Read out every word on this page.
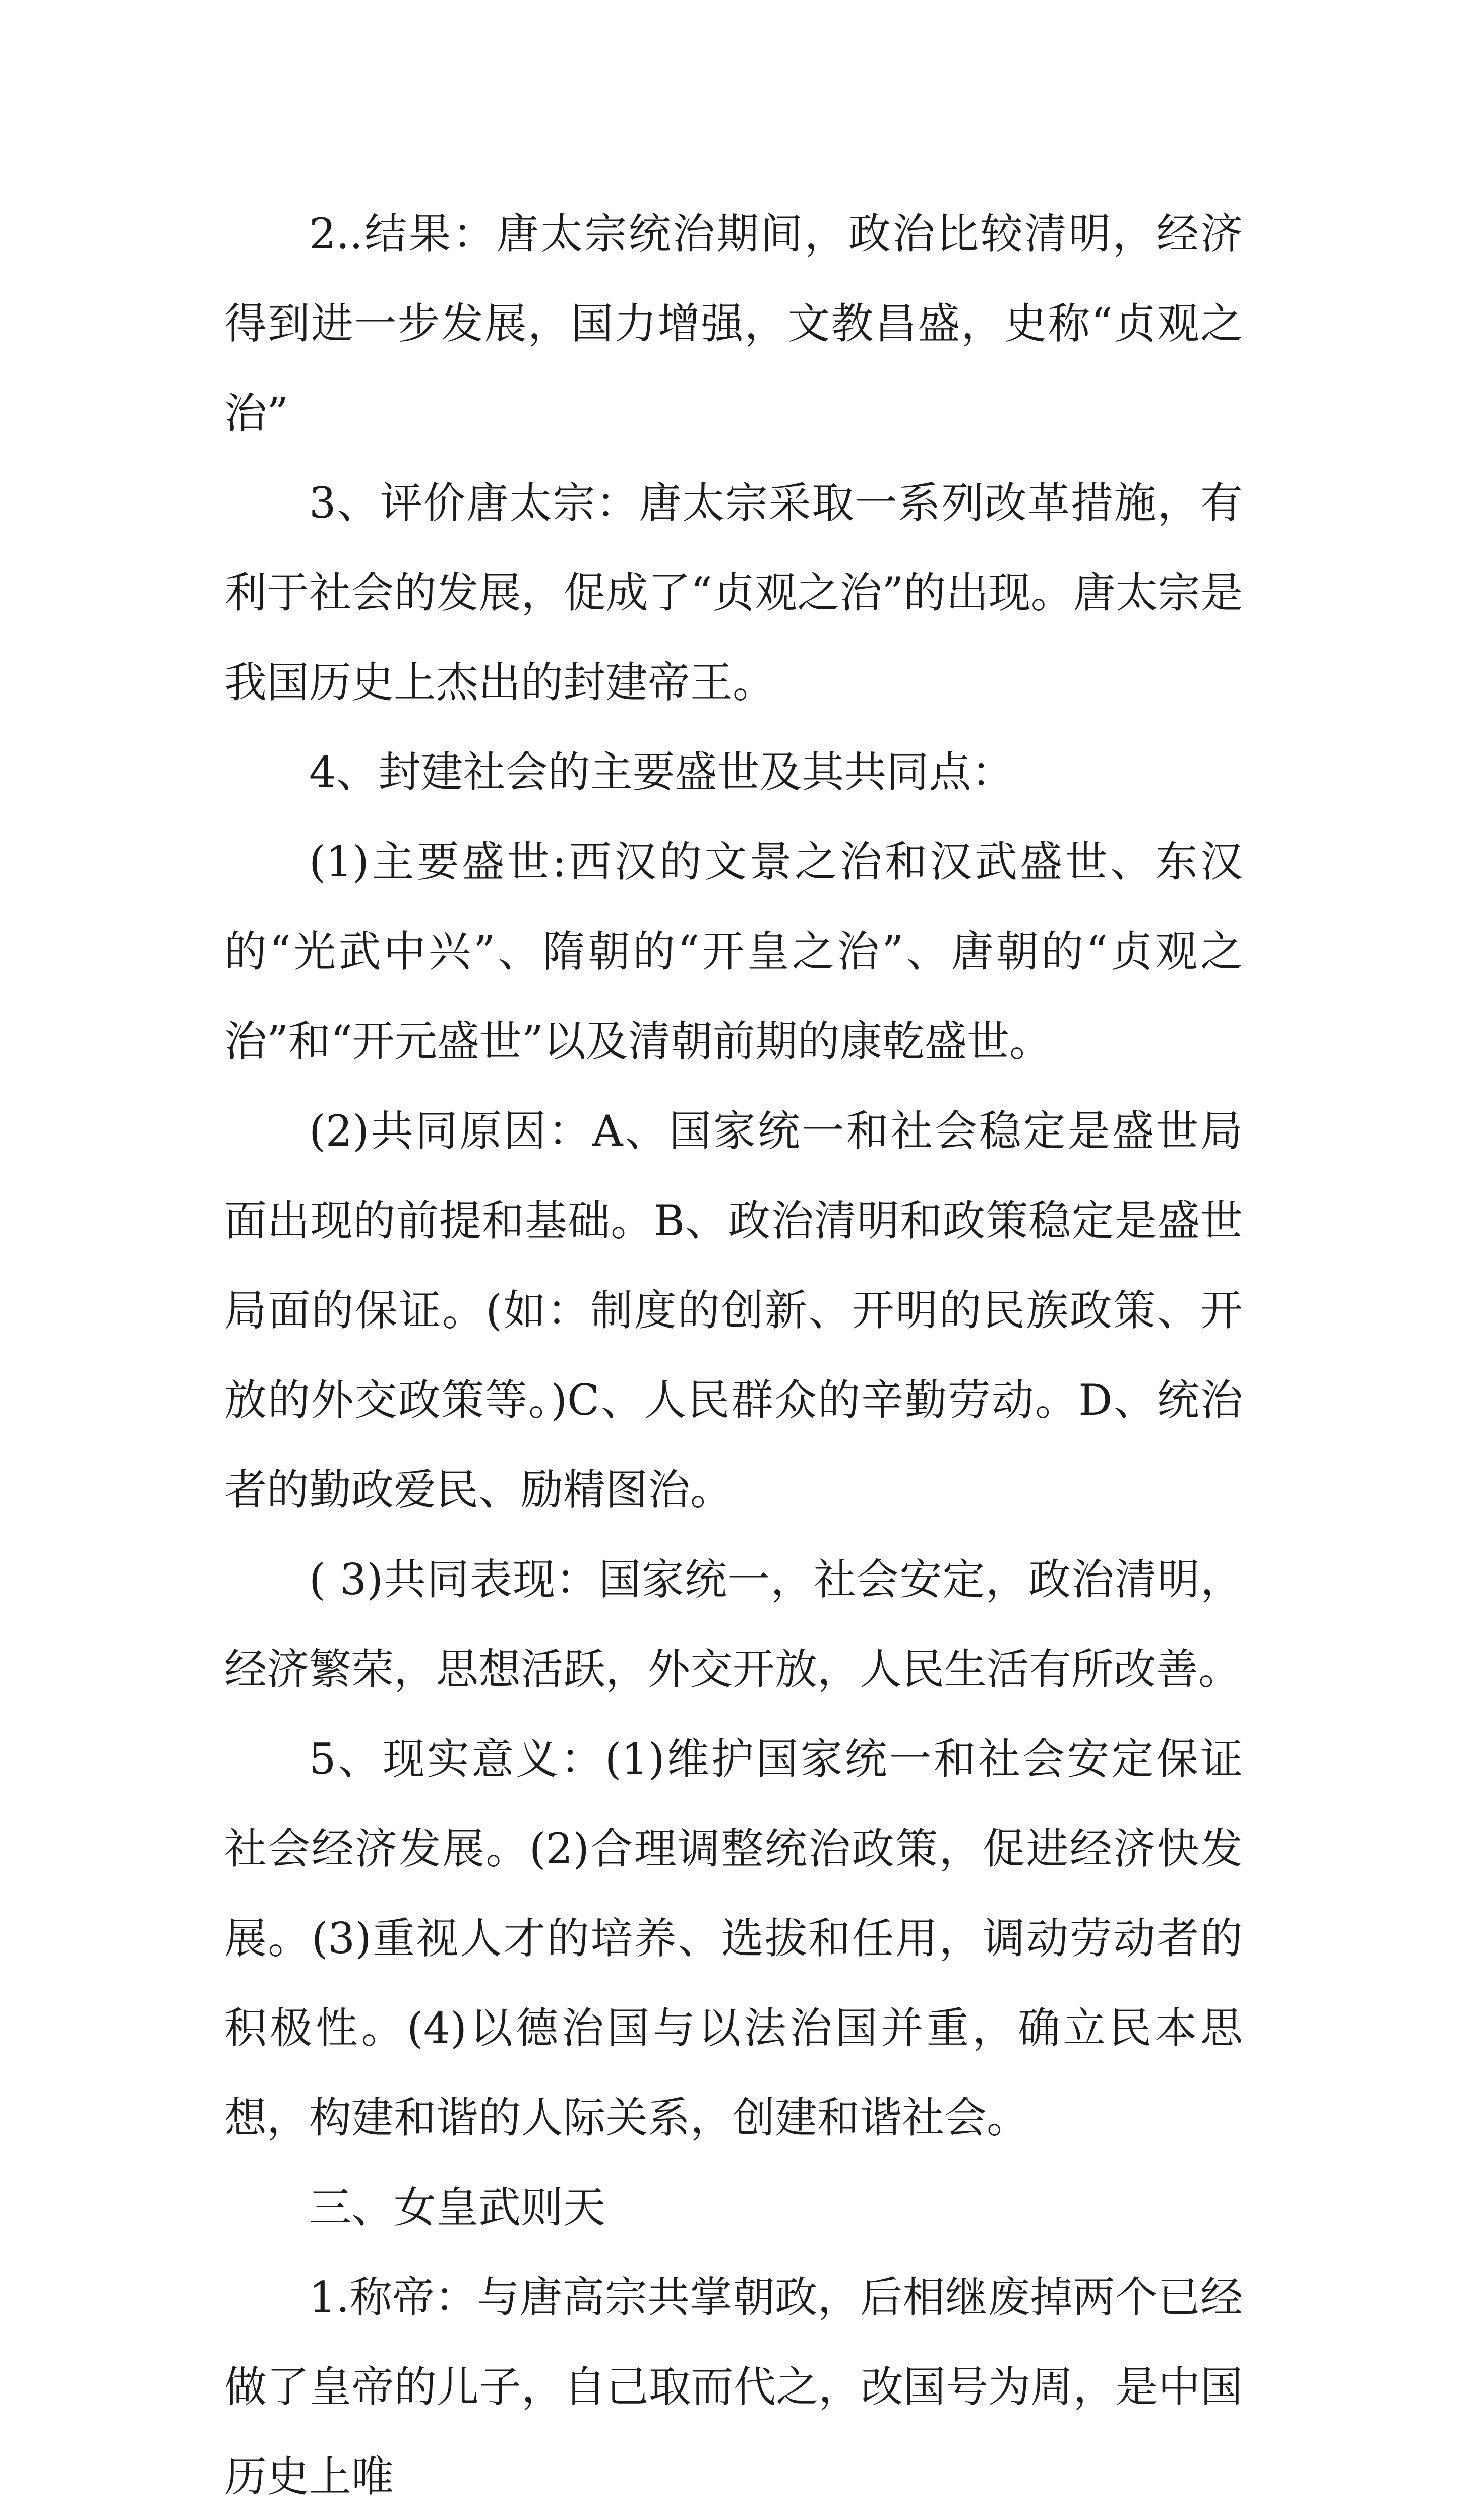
2..结果：唐太宗统治期间，政治比较清明，经济得到进一步发展，国力增强，文教昌盛，史称“贞观之治”

3、评价唐太宗：唐太宗采取一系列改革措施，有利于社会的发展，促成了“贞观之治”的出现。唐太宗是我国历史上杰出的封建帝王。

4、封建社会的主要盛世及其共同点：

(1)主要盛世:西汉的文景之治和汉武盛世、东汉的“光武中兴”、隋朝的“开皇之治”、唐朝的“贞观之治”和“开元盛世”以及清朝前期的康乾盛世。

(2)共同原因：A、国家统一和社会稳定是盛世局面出现的前提和基础。B、政治清明和政策稳定是盛世局面的保证。(如：制度的创新、开明的民族政策、开放的外交政策等。)C、人民群众的辛勤劳动。D、统治者的勤政爱民、励精图治。

( 3)共同表现：国家统一，社会安定，政治清明，经济繁荣，思想活跃，外交开放，人民生活有所改善。

5、现实意义：(1)维护国家统一和社会安定保证社会经济发展。(2)合理调整统治政策，促进经济快发展。(3)重视人才的培养、选拔和任用，调动劳动者的积极性。(4)以德治国与以法治国并重，确立民本思想，构建和谐的人际关系，创建和谐社会。

三、女皇武则天

1.称帝：与唐高宗共掌朝政，后相继废掉两个已经做了皇帝的儿子，自己取而代之，改国号为周，是中国历史上唯
